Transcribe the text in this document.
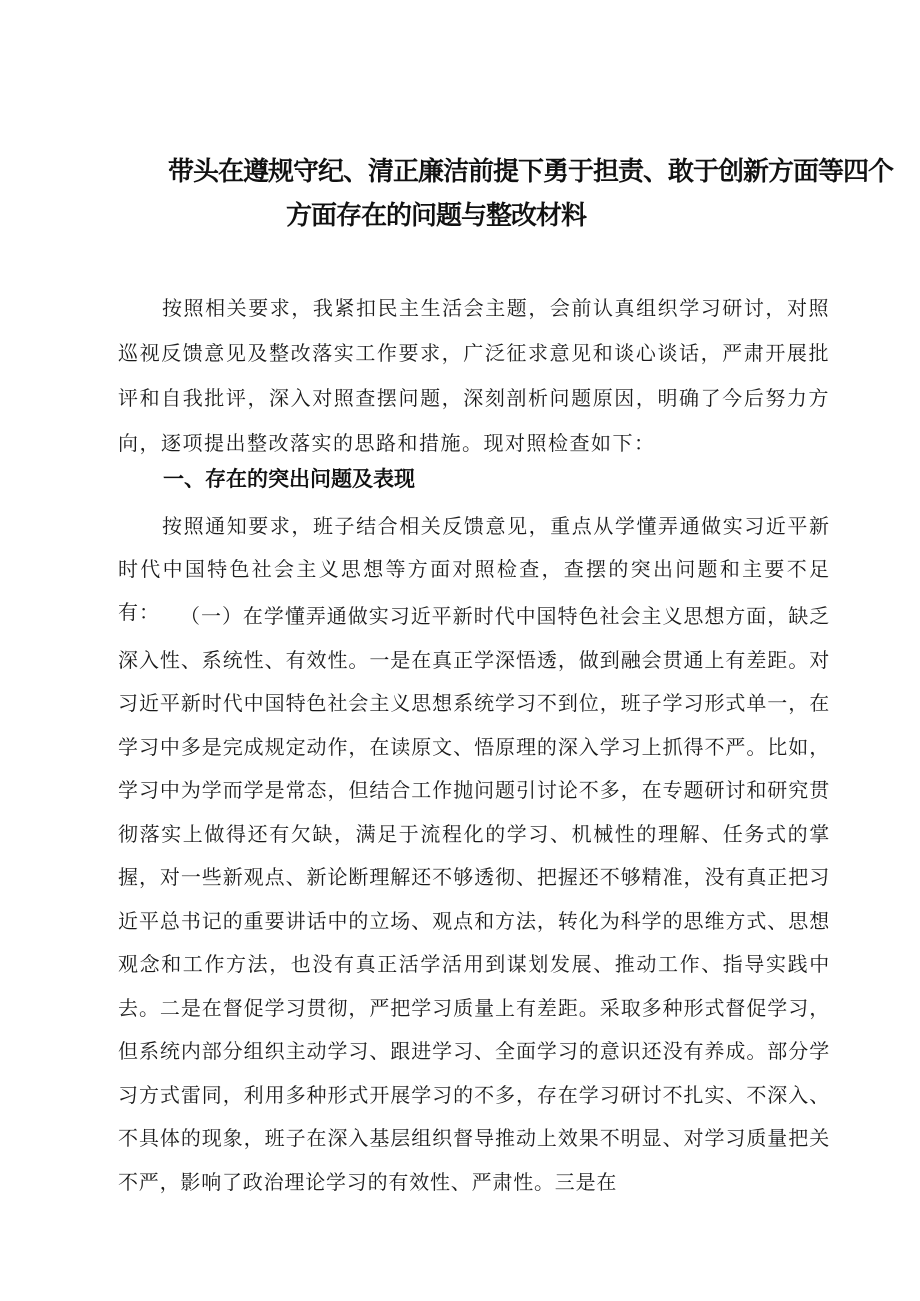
带头在遵规守纪、清正廉洁前提下勇于担责、敢于创新方面等四个
方面存在的问题与整改材料
按照相关要求，我紧扣民主生活会主题，会前认真组织学习研讨，对照巡视反馈意见及整改落实工作要求，广泛征求意见和谈心谈话，严肃开展批评和自我批评，深入对照查摆问题，深刻剖析问题原因，明确了今后努力方向，逐项提出整改落实的思路和措施。现对照检查如下：
一、存在的突出问题及表现
按照通知要求，班子结合相关反馈意见，重点从学懂弄通做实习近平新时代中国特色社会主义思想等方面对照检查，查摆的突出问题和主要不足有：	（一）在学懂弄通做实习近平新时代中国特色社会主义思想方面，缺乏深入性、系统性、有效性。一是在真正学深悟透，做到融会贯通上有差距。对习近平新时代中国特色社会主义思想系统学习不到位，班子学习形式单一，在学习中多是完成规定动作，在读原文、悟原理的深入学习上抓得不严。比如，学习中为学而学是常态，但结合工作抛问题引讨论不多，在专题研讨和研究贯彻落实上做得还有欠缺，满足于流程化的学习、机械性的理解、任务式的掌握，对一些新观点、新论断理解还不够透彻、把握还不够精准，没有真正把习近平总书记的重要讲话中的立场、观点和方法，转化为科学的思维方式、思想观念和工作方法，也没有真正活学活用到谋划发展、推动工作、指导实践中去。二是在督促学习贯彻，严把学习质量上有差距。采取多种形式督促学习，但系统内部分组织主动学习、跟进学习、全面学习的意识还没有养成。部分学习方式雷同，利用多种形式开展学习的不多，存在学习研讨不扎实、不深入、不具体的现象，班子在深入基层组织督导推动上效果不明显、对学习质量把关不严，影响了政治理论学习的有效性、严肃性。三是在
